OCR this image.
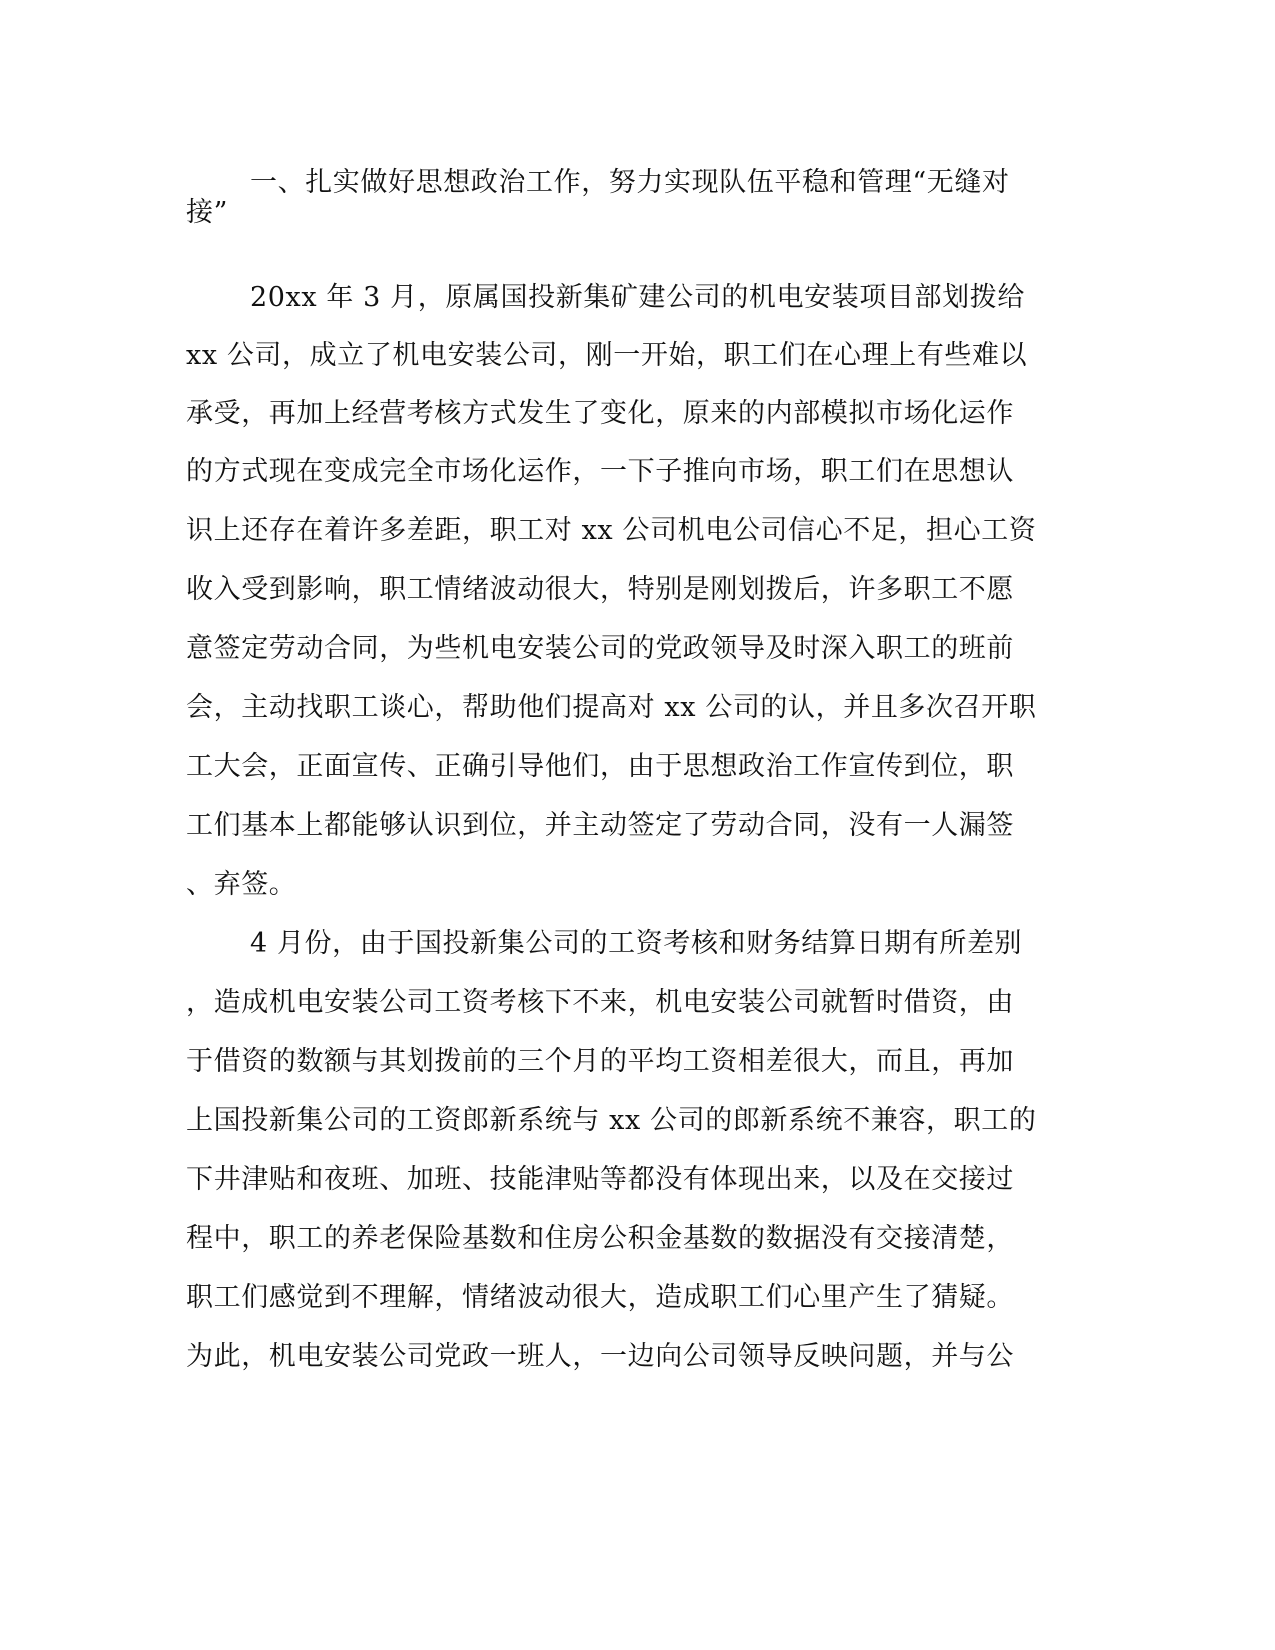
一、扎实做好思想政治工作，努力实现队伍平稳和管理“无缝对
接”
20xx 年 3 月，原属国投新集矿建公司的机电安装项目部划拨给
xx 公司，成立了机电安装公司，刚一开始，职工们在心理上有些难以
承受，再加上经营考核方式发生了变化，原来的内部模拟市场化运作
的方式现在变成完全市场化运作，一下子推向市场，职工们在思想认
识上还存在着许多差距，职工对 xx 公司机电公司信心不足，担心工资
收入受到影响，职工情绪波动很大，特别是刚划拨后，许多职工不愿
意签定劳动合同，为些机电安装公司的党政领导及时深入职工的班前
会，主动找职工谈心，帮助他们提高对 xx 公司的认，并且多次召开职
工大会，正面宣传、正确引导他们，由于思想政治工作宣传到位，职
工们基本上都能够认识到位，并主动签定了劳动合同，没有一人漏签
、弃签。
4 月份，由于国投新集公司的工资考核和财务结算日期有所差别
，造成机电安装公司工资考核下不来，机电安装公司就暂时借资，由
于借资的数额与其划拨前的三个月的平均工资相差很大，而且，再加
上国投新集公司的工资郎新系统与 xx 公司的郎新系统不兼容，职工的
下井津贴和夜班、加班、技能津贴等都没有体现出来，以及在交接过
程中，职工的养老保险基数和住房公积金基数的数据没有交接清楚，
职工们感觉到不理解，情绪波动很大，造成职工们心里产生了猜疑。
为此，机电安装公司党政一班人，一边向公司领导反映问题，并与公
